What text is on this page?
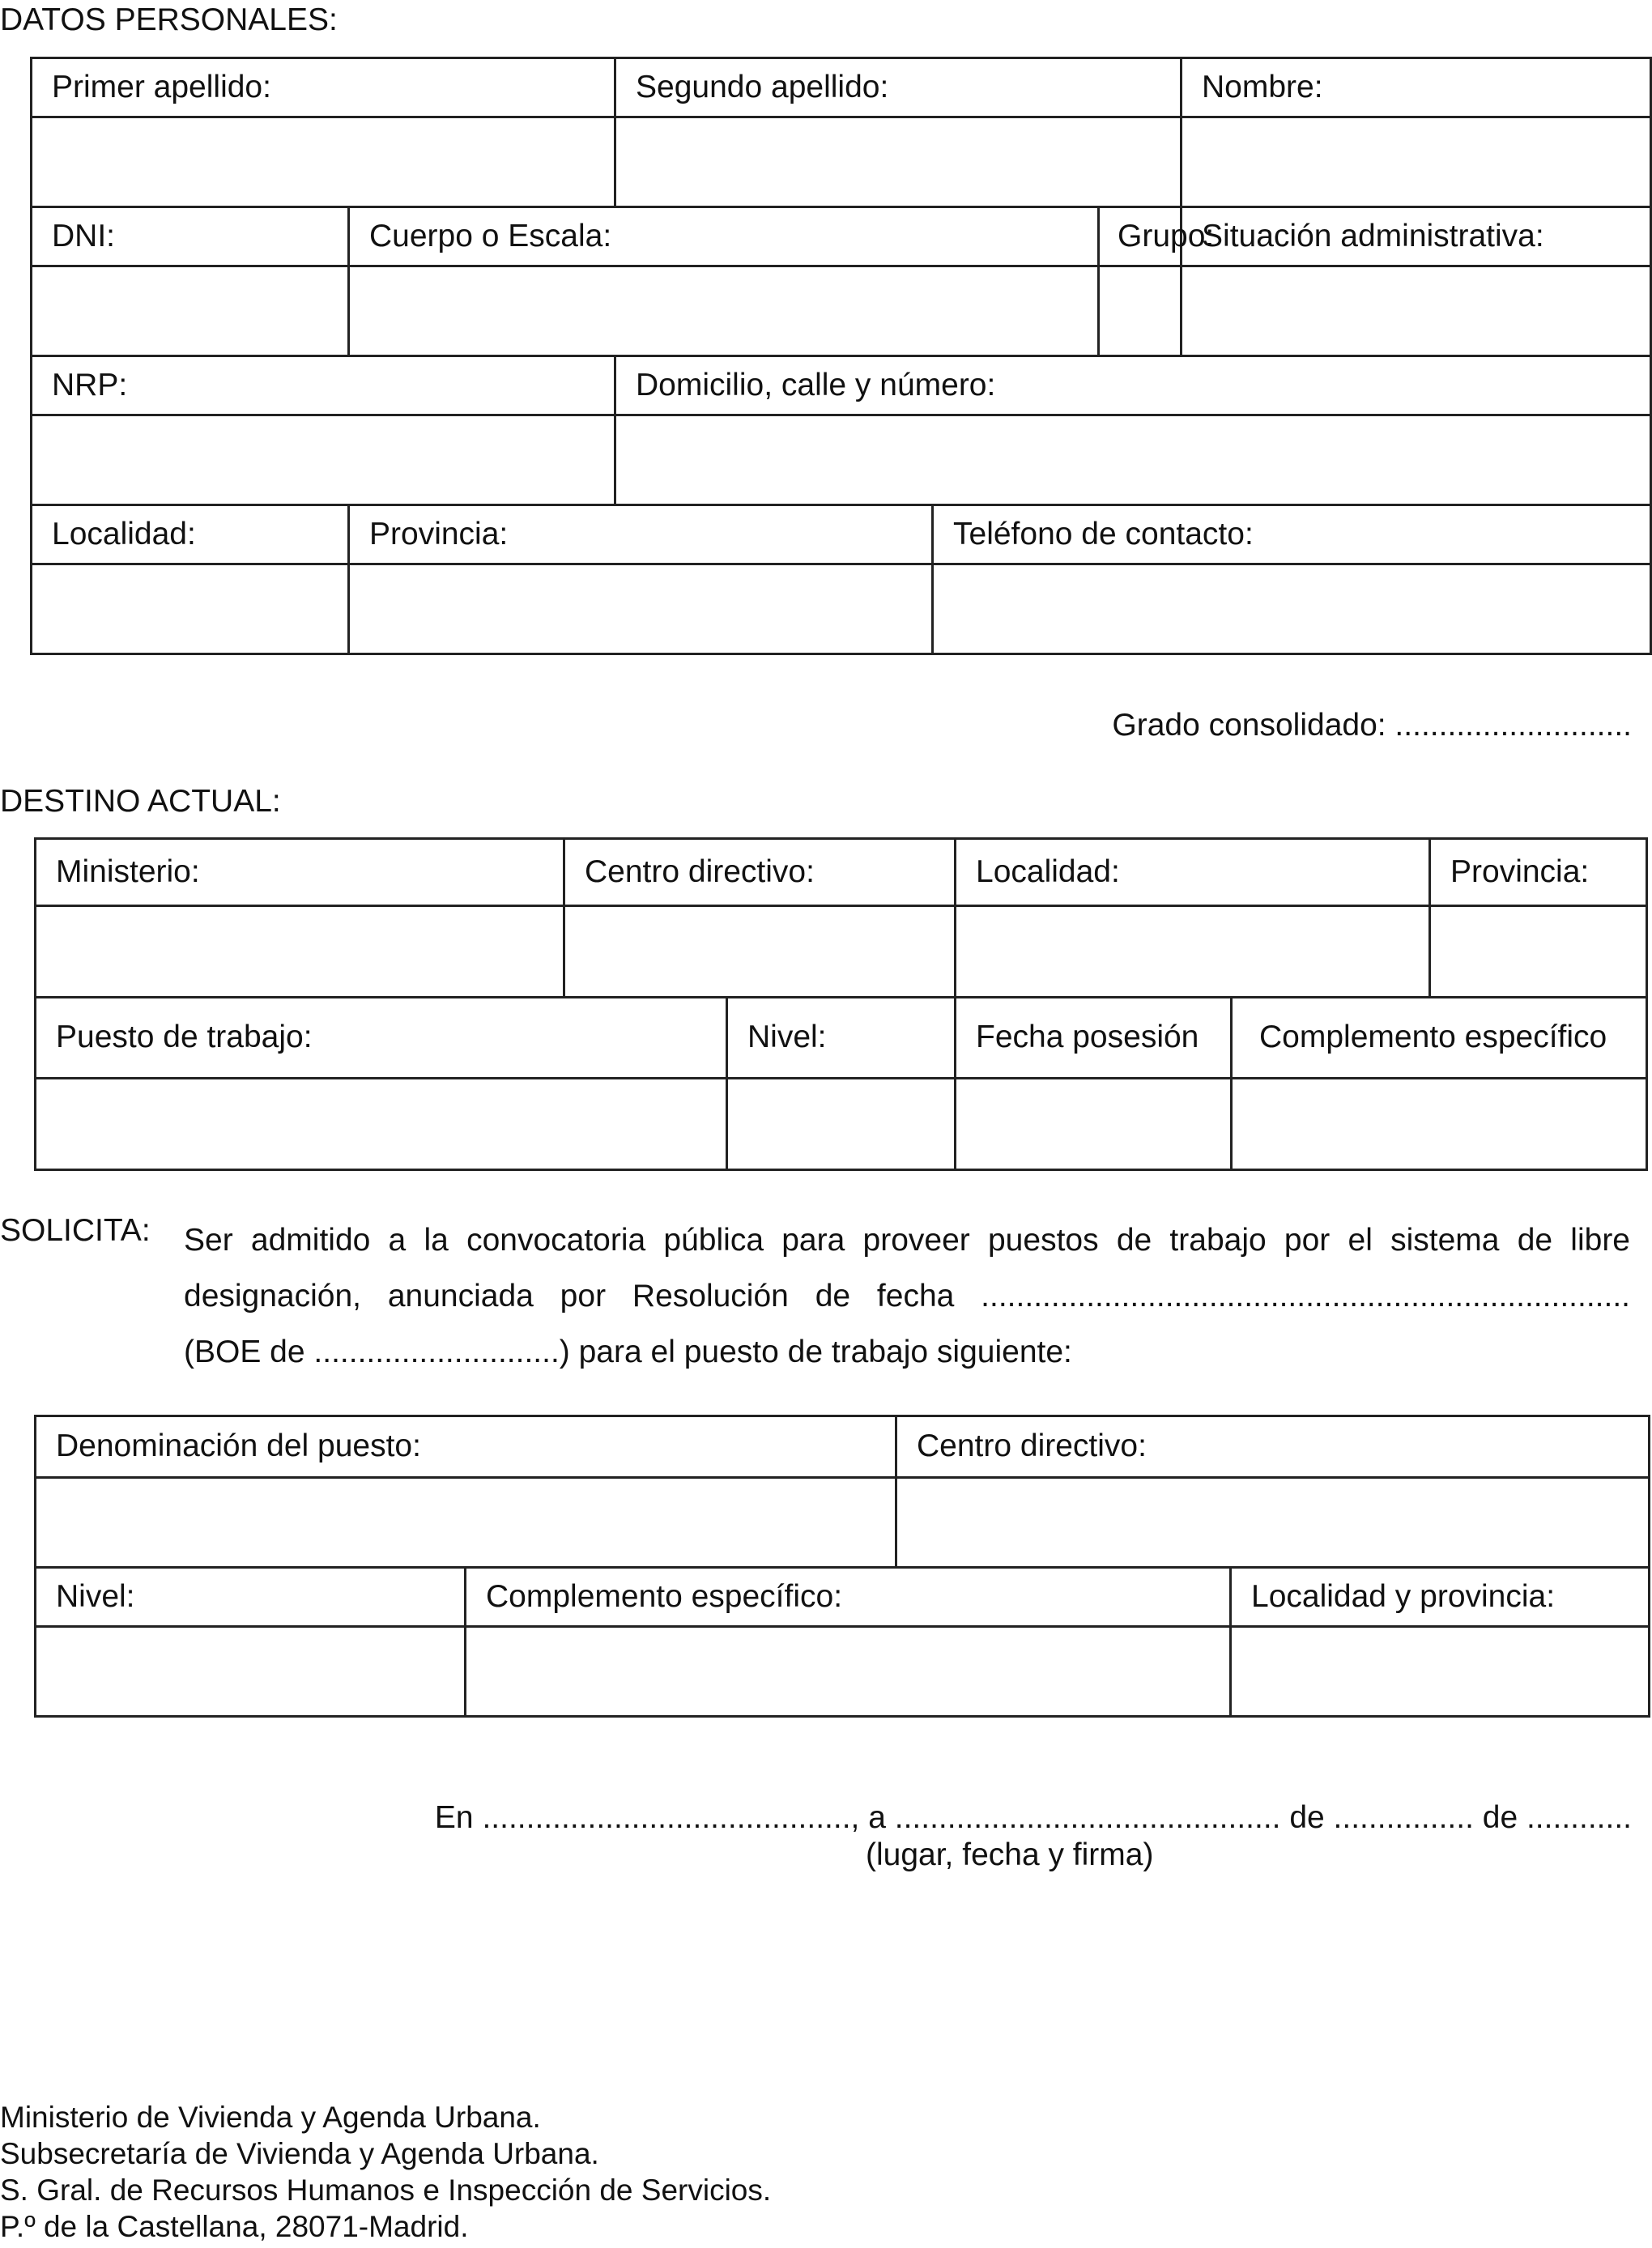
DATOS PERSONALES:
Primer apellido:		Segundo apellido:			Nombre:

DNI:	Cuerpo o Escala:			Grupo:	Situación administrativa:

NRP:		Domicilio, calle y número:			

Localidad:	Provincia:		Teléfono de contacto:		

Grado consolidado: ...........................
DESTINO ACTUAL:
Ministerio:	Centro directivo:		Localidad:		Provincia:

Puesto de trabajo:		Nivel:	Fecha posesión	Complemento específico	

SOLICITA: Ser admitido a la convocatoria pública para proveer puestos de trabajo por el sistema de libre
designación, anunciada por Resolución de fecha ..........................................................................
(BOE de ............................) para el puesto de trabajo siguiente:
Denominación del puesto:		Centro directivo:	

Nivel:	Complemento específico:		Localidad y provincia:

En .........................................., a ............................................ de ................ de ............
(lugar, fecha y firma)
Ministerio de Vivienda y Agenda Urbana.
Subsecretaría de Vivienda y Agenda Urbana.
S. Gral. de Recursos Humanos e Inspección de Servicios.
P.º de la Castellana, 28071-Madrid.
